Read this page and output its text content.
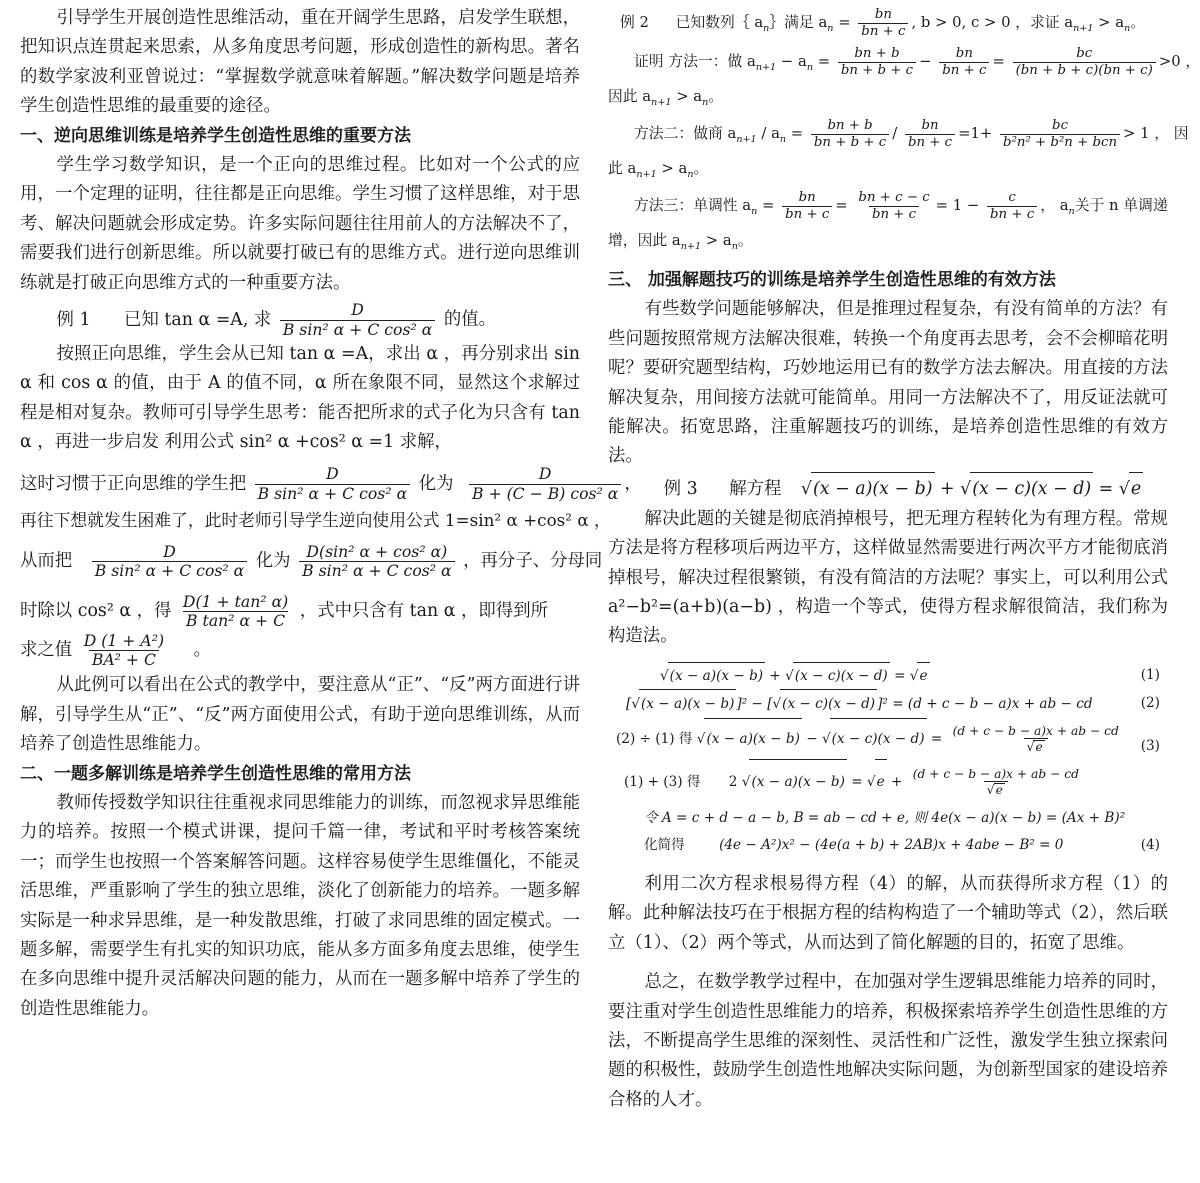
引导学生开展创造性思维活动，重在开阔学生思路，启发学生联想，把知识点连贯起来思索，从多角度思考问题，形成创造性的新构思。著名的数学家波利亚曾说过：“掌握数学就意味着解题。”解决数学问题是培养学生创造性思维的最重要的途径。

一、逆向思维训练是培养学生创造性思维的重要方法

学生学习数学知识，是一个正向的思维过程。比如对一个公式的应用，一个定理的证明，往往都是正向思维。学生习惯了这样思维，对于思考、解决问题就会形成定势。许多实际问题往往用前人的方法解决不了，需要我们进行创新思维。所以就要打破已有的思维方式。进行逆向思维训练就是打破正向思维方式的一种重要方法。

例 1 已知 tan α =A, 求 $\frac{D}{\text{B sin² α + C cos² α}}$ 的值。

按照正向思维，学生会从已知 tan α =A，求出 α ，再分别求出 sin α 和 cos α 的值，由于 A 的值不同，α 所在象限不同，显然这个求解过程是相对复杂。教师可引导学生思考：能否把所求的式子化为只含有 tan α ，再进一步启发 利用公式 sin² α +cos² α =1 求解，

这时习惯于正向思维的学生把 $\frac{D}{\text{B sin² α + C cos² α}}$ 化为 $\frac{D}{\text{B + (C − B) cos² α}}$ ，

再往下想就发生困难了，此时老师引导学生逆向使用公式 1=sin² α +cos² α ，

从而把 $\frac{D}{\text{B sin² α + C cos² α}}$ 化为 $\frac{\text{D(sin² α + cos² α)}}{\text{B sin² α + C cos² α}}$ ，再分子、分母同

时除以 cos² α ，得 $\frac{\text{D(1 + tan² α)}}{\text{B tan² α + C}}$ ，式中只含有 tan α ，即得到所

求之值 $\frac{\text{D (1 + A²)}}{\text{BA² + C}}$ 。

从此例可以看出在公式的教学中，要注意从“正”、“反”两方面进行讲解，引导学生从“正”、“反”两方面使用公式，有助于逆向思维训练，从而培养了创造性思维能力。

二、一题多解训练是培养学生创造性思维的常用方法

教师传授数学知识往往重视求同思维能力的训练，而忽视求异思维能力的培养。按照一个模式讲课，提问千篇一律，考试和平时考核答案统一；而学生也按照一个答案解答问题。这样容易使学生思维僵化，不能灵活思维，严重影响了学生的独立思维，淡化了创新能力的培养。一题多解实际是一种求异思维，是一种发散思维，打破了求同思维的固定模式。一题多解，需要学生有扎实的知识功底，能从多方面多角度去思维，使学生在多向思维中提升灵活解决问题的能力，从而在一题多解中培养了学生的创造性思维能力。

例 2 已知数列｛ $a_n\}$满足 $a_n = \frac{bn}{bn + c}$ , b > 0, c > 0 ，求证 $a_{n+1} > a_n$。

证明 方法一：做 $a_{n+1} - a_n = \frac{bn + b}{bn + b + c} - \frac{bn}{bn + c} = \frac{bc}{(bn + b + c)(bn + c)} >0$ ，

因此 $a_{n+1} > a_n$。

方法二：做商 $a_{n+1} / a_n = \frac{bn + b}{bn + b + c} / \frac{bn}{bn + c} =1+ \frac{bc}{\text{b²n² + b²n + bcn}} > 1$ ， 因

此 $a_{n+1} > a_n$。

方法三：单调性 $a_n = \frac{bn}{bn + c} = \frac{bn + c - c}{bn + c} = 1 - \frac{c}{bn + c}$ ， $a_n$关于 n 单调递

增，因此 $a_{n+1} > a_n$。

三、 加强解题技巧的训练是培养学生创造性思维的有效方法

有些数学问题能够解决，但是推理过程复杂，有没有简单的方法？有些问题按照常规方法解决很难，转换一个角度再去思考，会不会柳暗花明呢？要研究题型结构，巧妙地运用已有的数学方法去解决。用直接的方法解决复杂，用间接方法就可能简单。用同一方法解决不了，用反证法就可能解决。拓宽思路，注重解题技巧的训练，是培养创造性思维的有效方法。

例 3 解方程 √(x − a)(x − b) + √(x − c)(x − d) = √e

解决此题的关键是彻底消掉根号，把无理方程转化为有理方程。常规方法是将方程移项后两边平方，这样做显然需要进行两次平方才能彻底消掉根号，解决过程很繁锁，有没有简洁的方法呢？事实上，可以利用公式 a²−b²=(a+b)(a−b) ，构造一个等式，使得方程求解很简洁，我们称为构造法。

√(x − a)(x − b) + √(x − c)(x − d) = √e	(1)

[√(x − a)(x − b) ]² − [√(x − c)(x − d) ]² = (d + c − b − a)x + ab − cd	(2)

(2) ÷ (1) 得 $√(x - a)(x - b) - √(x - c)(x - d) = \frac{(d + c - b - a)x + ab - cd}{√e} (3)$

(1) + (3) 得 2 $√(x - a)(x - b) = √e + \frac{(d + c - b - a)x + ab - cd}{√e}$

令 A = c + d − a − b, B = ab − cd + e, 则 4e(x − a)(x − b) = (Ax + B)²

化简得	(4e − A²)x² − (4e(a + b) + 2AB)x + 4abe − B² = 0	(4)

利用二次方程求根易得方程（4）的解，从而获得所求方程（1）的解。此种解法技巧在于根据方程的结构构造了一个辅助等式（2），然后联立（1）、（2）两个等式，从而达到了简化解题的目的，拓宽了思维。

总之，在数学教学过程中，在加强对学生逻辑思维能力培养的同时，要注重对学生创造性思维能力的培养，积极探索培养学生创造性思维的方法，不断提高学生思维的深刻性、灵活性和广泛性，激发学生独立探索问题的积极性，鼓励学生创造性地解决实际问题，为创新型国家的建设培养合格的人才。
